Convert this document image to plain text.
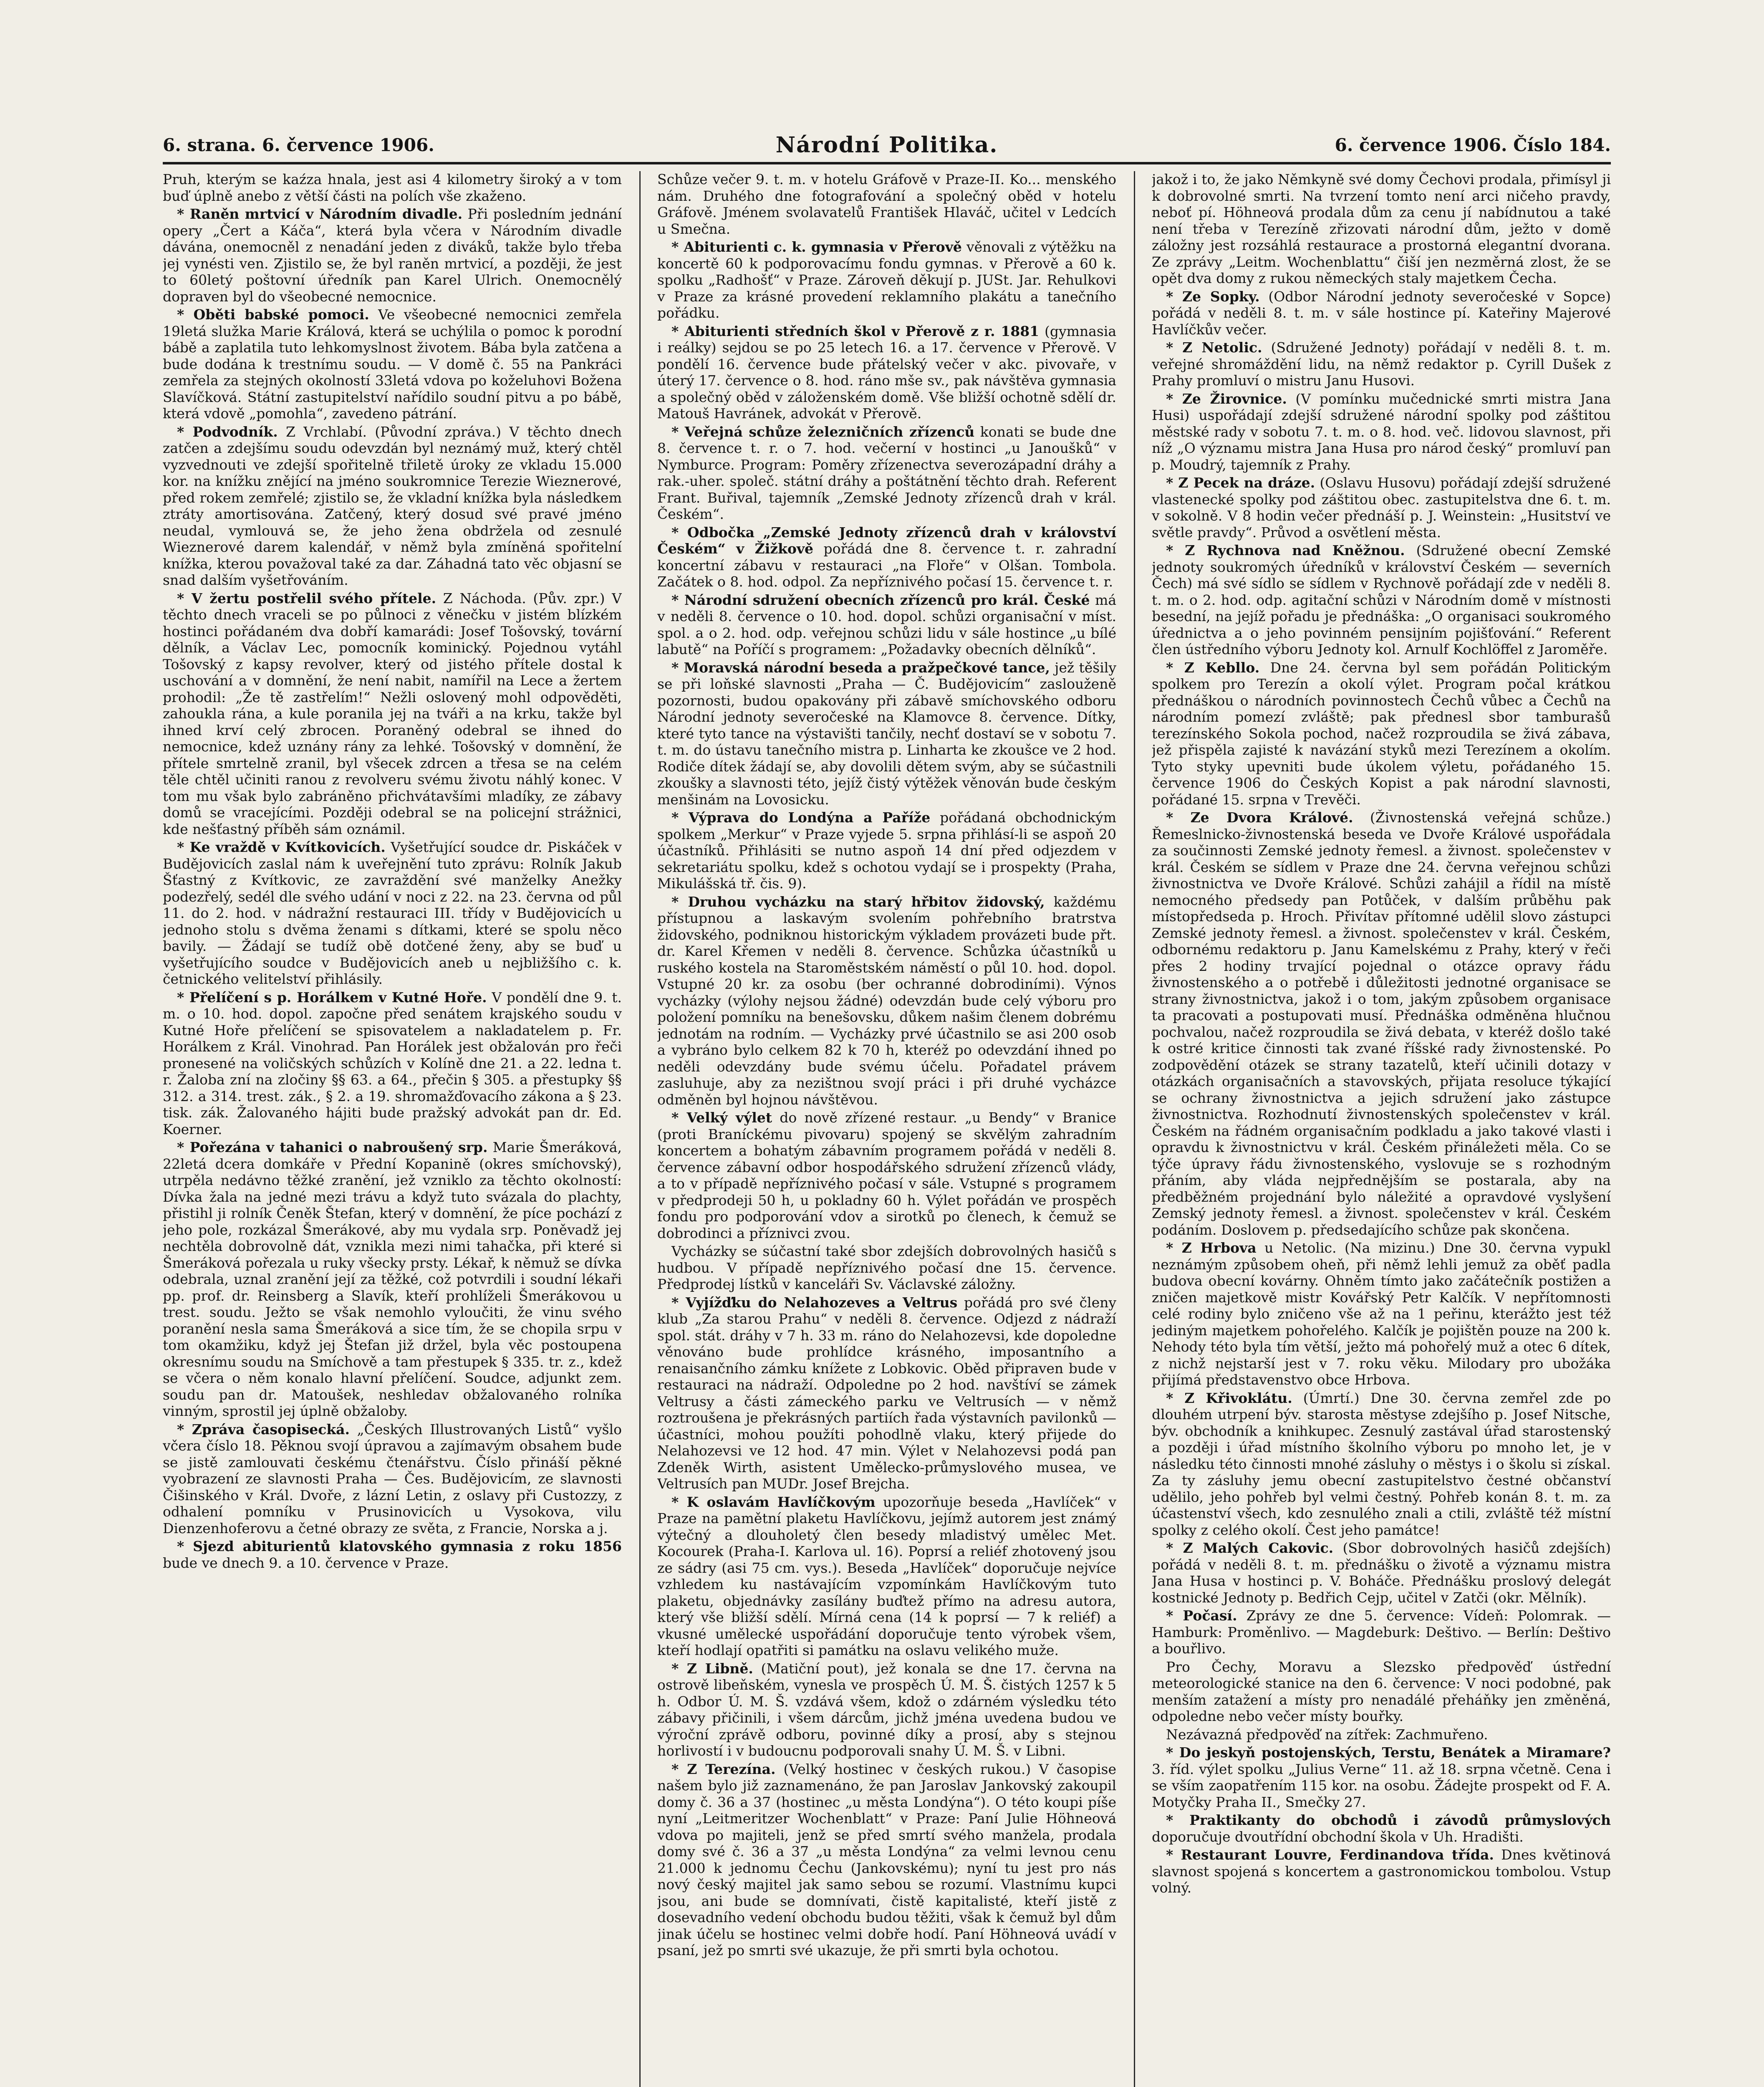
6. strana. 6. července 1906.	Národní Politika.	6. července 1906. Číslo 184.

Pruh, kterým se kaźza hnala, jest asi 4 kilometry široký a v tom buď úplně anebo z větší části na polích vše zkaženo.

* Raněn mrtvicí v Národním divadle. Při posledním jednání opery „Čert a Káča“, která byla včera v Národním divadle dávána, onemocněl z nenadání jeden z diváků, takže bylo třeba jej vynésti ven. Zjistilo se, že byl raněn mrtvicí, a později, že jest to 60letý poštovní úředník pan Karel Ulrich. Onemocnělý dopraven byl do všeobecné nemocnice.

* Oběti babské pomoci. Ve všeobecné nemocnici zemřela 19letá služka Marie Králová, která se uchýlila o pomoc k porodní bábě a zaplatila tuto lehkomyslnost životem. Bába byla zatčena a bude dodána k trestnímu soudu. — V domě č. 55 na Pankráci zemřela za stejných okolností 33letá vdova po koželuhovi Božena Slavíčková. Státní zastupitelství nařídilo soudní pitvu a po bábě, která vdově „pomohla“, zavedeno pátrání.

* Podvodník. Z Vrchlabí. (Původní zpráva.) V těchto dnech zatčen a zdejšímu soudu odevzdán byl neznámý muž, který chtěl vyzvednouti ve zdejší spořitelně třiletě úroky ze vkladu 15.000 kor. na knížku znějící na jméno soukromnice Terezie Wieznerové, před rokem zemřelé; zjistilo se, že vkladní knížka byla následkem ztráty amortisována. Zatčený, který dosud své pravé jméno neudal, vymlouvá se, že jeho žena obdržela od zesnulé Wieznerové darem kalendář, v němž byla zmíněná spořitelní knížka, kterou považoval také za dar. Záhadná tato věc objasní se snad dalším vyšetřováním.

* V žertu postřelil svého přítele. Z Náchoda. (Pův. zpr.) V těchto dnech vraceli se po půlnoci z věnečku v jistém blízkém hostinci pořádaném dva dobří kamarádi: Josef Tošovský, tovární dělník, a Václav Lec, pomocník kominický. Pojednou vytáhl Tošovský z kapsy revolver, který od jistého přítele dostal k uschování a v domnění, že není nabit, namířil na Lece a žertem prohodil: „Že tě zastřelím!“ Nežli oslovený mohl odpověděti, zahoukla rána, a kule poranila jej na tváři a na krku, takže byl ihned krví celý zbrocen. Poraněný odebral se ihned do nemocnice, kdež uznány rány za lehké. Tošovský v domnění, že přítele smrtelně zranil, byl všecek zdrcen a třesa se na celém těle chtěl učiniti ranou z revolveru svému životu náhlý konec. V tom mu však bylo zabráněno přichvátavšími mladíky, ze zábavy domů se vracejícími. Později odebral se na policejní strážnici, kde nešťastný příběh sám oznámil.

* Ke vraždě v Kvítkovicích. Vyšetřující soudce dr. Piskáček v Budějovicích zaslal nám k uveřejnění tuto zprávu: Rolník Jakub Šťastný z Kvítkovic, ze zavraždění své manželky Anežky podezřelý, sedél dle svého udání v noci z 22. na 23. června od půl 11. do 2. hod. v nádražní restauraci III. třídy v Budějovicích u jednoho stolu s dvěma ženami s dítkami, které se spolu něco bavily. — Žádají se tudíž obě dotčené ženy, aby se buď u vyšetřujícího soudce v Budějovicích aneb u nejbližšího c. k. četnického velitelství přihlásily.

* Přelíčení s p. Horálkem v Kutné Hoře. V pondělí dne 9. t. m. o 10. hod. dopol. započne před senátem krajského soudu v Kutné Hoře přelíčení se spisovatelem a nakladatelem p. Fr. Horálkem z Král. Vinohrad. Pan Horálek jest obžalován pro řeči pronesené na voličských schůzích v Kolíně dne 21. a 22. ledna t. r. Žaloba zní na zločiny §§ 63. a 64., přečin § 305. a přestupky §§ 312. a 314. trest. zák., § 2. a 19. shromažďovacího zákona a § 23. tisk. zák. Žalovaného hájiti bude pražský advokát pan dr. Ed. Koerner.

* Pořezána v tahanici o nabroušený srp. Marie Šmeráková, 22letá dcera domkáře v Přední Kopanině (okres smíchovský), utrpěla nedávno těžké zranění, jež vzniklo za těchto okolností: Dívka žala na jedné mezi trávu a když tuto svázala do plachty, přistihl ji rolník Čeněk Štefan, který v domnění, že píce pochází z jeho pole, rozkázal Šmerákové, aby mu vydala srp. Poněvadž jej nechtěla dobrovolně dát, vznikla mezi nimi tahačka, při které si Šmeráková pořezala u ruky všecky prsty. Lékař, k němuž se dívka odebrala, uznal zranění její za těžké, což potvrdili i soudní lékaři pp. prof. dr. Reinsberg a Slavík, kteří prohlíželi Šmerákovou u trest. soudu. Ježto se však nemohlo vyloučiti, že vinu svého poranění nesla sama Šmeráková a sice tím, že se chopila srpu v tom okamžiku, když jej Štefan již držel, byla věc postoupena okresnímu soudu na Smíchově a tam přestupek § 335. tr. z., kdež se včera o něm konalo hlavní přelíčení. Soudce, adjunkt zem. soudu pan dr. Matoušek, neshledav obžalovaného rolníka vinným, sprostil jej úplně obžaloby.

* Zpráva časopisecká. „Českých Illustrovaných Listů“ vyšlo včera číslo 18. Pěknou svojí úpravou a zajímavým obsahem bude se jistě zamlouvati českému čtenářstvu. Číslo přináší pěkné vyobrazení ze slavnosti Praha — Čes. Budějovicím, ze slavnosti Čišinského v Král. Dvoře, z lázní Letin, z oslavy při Custozzy, z odhalení pomníku v Prusinovicích u Vysokova, vilu Dienzenhoferovu a četné obrazy ze světa, z Francie, Norska a j.

* Sjezd abiturientů klatovského gymnasia z roku 1856 bude ve dnech 9. a 10. července v Praze.

Schůze večer 9. t. m. v hotelu Gráfově v Praze-II. Ko... menského nám. Druhého dne fotografování a společný oběd v hotelu Gráfově. Jménem svolavatelů František Hlaváč, učitel v Ledcích u Smečna.

* Abiturienti c. k. gymnasia v Přerově věnovali z výtěžku na koncertě 60 k podporovacímu fondu gymnas. v Přerově a 60 k. spolku „Radhošť“ v Praze. Zároveň děkují p. JUSt. Jar. Rehulkovi v Praze za krásné provedení reklamního plakátu a tanečního pořádku.

* Abiturienti středních škol v Přerově z r. 1881 (gymnasia i reálky) sejdou se po 25 letech 16. a 17. července v Přerově. V pondělí 16. července bude přátelský večer v akc. pivovaře, v úterý 17. července o 8. hod. ráno mše sv., pak návštěva gymnasia a společný oběd v záloženském domě. Vše bližší ochotně sdělí dr. Matouš Havránek, advokát v Přerově.

* Veřejná schůze železničních zřízenců konati se bude dne 8. července t. r. o 7. hod. večerní v hostinci „u Janoušků“ v Nymburce. Program: Poměry zřízenectva severozápadní dráhy a rak.-uher. společ. státní dráhy a poštátnění těchto drah. Referent Frant. Buřival, tajemník „Zemské Jednoty zřízenců drah v král. Českém“.

* Odbočka „Zemské Jednoty zřízenců drah v království Českém“ v Žižkově pořádá dne 8. července t. r. zahradní koncertní zábavu v restauraci „na Floře“ v Olšan. Tombola. Začátek o 8. hod. odpol. Za nepříznivého počasí 15. července t. r.

* Národní sdružení obecních zřízenců pro král. České má v neděli 8. července o 10. hod. dopol. schůzi organisační v míst. spol. a o 2. hod. odp. veřejnou schůzi lidu v sále hostince „u bílé labutě“ na Poříčí s programem: „Požadavky obecních dělníků“.

* Moravská národní beseda a pražpečkové tance, jež těšily se při loňské slavnosti „Praha — Č. Budějovicím“ zaslouženě pozornosti, budou opakovány při zábavě smíchovského odboru Národní jednoty severočeské na Klamovce 8. července. Dítky, které tyto tance na výstavišti tančily, nechť dostaví se v sobotu 7. t. m. do ústavu tanečního mistra p. Linharta ke zkoušce ve 2 hod. Rodiče dítek žádají se, aby dovolili dětem svým, aby se súčastnili zkoušky a slavnosti této, jejíž čistý výtěžek věnován bude českým menšinám na Lovosicku.

* Výprava do Londýna a Paříže pořádaná obchodnickým spolkem „Merkur“ v Praze vyjede 5. srpna přihlásí-li se aspoň 20 účastníků. Přihlásiti se nutno aspoň 14 dní před odjezdem v sekretariátu spolku, kdež s ochotou vydají se i prospekty (Praha, Mikulášská tř. čis. 9).

* Druhou vycházku na starý hřbitov židovský, každému přístupnou a laskavým svolením pohřebního bratrstva židovského, podniknou historickým výkladem provázeti bude přt. dr. Karel Křemen v neděli 8. července. Schůzka účastníků u ruského kostela na Staroměstském náměstí o půl 10. hod. dopol. Vstupné 20 kr. za osobu (ber ochranné dobrodiními). Výnos vycházky (výlohy nejsou žádné) odevzdán bude celý výboru pro položení pomníku na benešovsku, důkem našim členem dobrému jednotám na rodním. — Vycházky prvé účastnilo se asi 200 osob a vybráno bylo celkem 82 k 70 h, kteréž po odevzdání ihned po neděli odevzdány bude svému účelu. Pořadatel právem zasluhuje, aby za nezištnou svojí práci i při druhé vycházce odměněn byl hojnou návštěvou.

* Velký výlet do nově zřízené restaur. „u Bendy“ v Branice (proti Braníckému pivovaru) spojený se skvělým zahradním koncertem a bohatým zábavním programem pořádá v neděli 8. července zábavní odbor hospodářského sdružení zřízenců vlády, a to v případě nepříznivého počasí v sále. Vstupné s programem v předprodeji 50 h, u pokladny 60 h. Výlet pořádán ve prospěch fondu pro podporování vdov a sirotků po členech, k čemuž se dobrodinci a příznivci zvou.

Vycházky se súčastní také sbor zdejších dobrovolných hasičů s hudbou. V případě nepříznivého počasí dne 15. července. Předprodej lístků v kanceláři Sv. Václavské záložny.

* Vyjížďku do Nelahozeves a Veltrus pořádá pro své členy klub „Za starou Prahu“ v neděli 8. července. Odjezd z nádraží spol. stát. dráhy v 7 h. 33 m. ráno do Nelahozevsi, kde dopoledne věnováno bude prohlídce krásného, imposantního a renaisančního zámku knížete z Lobkovic. Oběd připraven bude v restauraci na nádraží. Odpoledne po 2 hod. navštíví se zámek Veltrusy a části zámeckého parku ve Veltrusích — v němž roztroušena je překrásných partiích řada výstavních pavilonků — účastníci, mohou použíti pohodlně vlaku, který přijede do Nelahozevsi ve 12 hod. 47 min. Výlet v Nelahozevsi podá pan Zdeněk Wirth, asistent Umělecko-průmyslového musea, ve Veltrusích pan MUDr. Josef Brejcha.

* K oslavám Havlíčkovým upozorňuje beseda „Havlíček“ v Praze na pamětní plaketu Havlíčkovu, jejímž autorem jest známý výtečný a dlouholetý člen besedy mladistvý umělec Met. Kocourek (Praha-I. Karlova ul. 16). Poprsí a reliéf zhotovený jsou ze sádry (asi 75 cm. vys.). Beseda „Havlíček“ doporučuje nejvíce vzhledem ku nastávajícím vzpomínkám Havlíčkovým tuto plaketu, objednávky zasílány buďtež přímo na adresu autora, který vše bližší sdělí. Mírná cena (14 k poprsí — 7 k reliéf) a vkusné umělecké uspořádání doporučuje tento výrobek všem, kteří hodlají opatřiti si památku na oslavu velikého muže.

* Z Libně. (Matiční pout), jež konala se dne 17. června na ostrově libeňském, vynesla ve prospěch Ú. M. Š. čistých 1257 k 5 h. Odbor Ú. M. Š. vzdává všem, kdož o zdárném výsledku této zábavy přičinili, i všem dárcům, jichž jména uvedena budou ve výroční zprávě odboru, povinné díky a prosí, aby s stejnou horlivostí i v budoucnu podporovali snahy Ú. M. Š. v Libni.

* Z Terezína. (Velký hostinec v českých rukou.) V časopise našem bylo již zaznamenáno, že pan Jaroslav Jankovský zakoupil domy č. 36 a 37 (hostinec „u města Londýna“). O této koupi píše nyní „Leitmeritzer Wochenblatt“ v Praze: Paní Julie Höhneová vdova po majiteli, jenž se před smrtí svého manžela, prodala domy své č. 36 a 37 „u města Londýna“ za velmi levnou cenu 21.000 k jednomu Čechu (Jankovskému); nyní tu jest pro nás nový český majitel jak samo sebou se rozumí. Vlastnímu kupci jsou, ani bude se domnívati, čistě kapitalisté, kteří jistě z dosevadního vedení obchodu budou těžiti, však k čemuž byl dům jinak účelu se hostinec velmi dobře hodí. Paní Höhneová uvádí v psaní, jež po smrti své ukazuje, že při smrti byla ochotou.

jakož i to, že jako Němkyně své domy Čechovi prodala, přimísyl ji k dobrovolné smrti. Na tvrzení tomto není arci ničeho pravdy, neboť pí. Höhneová prodala dům za cenu jí nabídnutou a také není třeba v Terezíně zřizovati národní dům, ježto v domě záložny jest rozsáhlá restaurace a prostorná elegantní dvorana. Ze zprávy „Leitm. Wochenblattu“ čiší jen nezměrná zlost, že se opět dva domy z rukou německých staly majetkem Čecha.

* Ze Sopky. (Odbor Národní jednoty severočeské v Sopce) pořádá v neděli 8. t. m. v sále hostince pí. Kateřiny Majerové Havlíčkův večer.

* Z Netolic. (Sdružené Jednoty) pořádají v neděli 8. t. m. veřejné shromáždění lidu, na němž redaktor p. Cyrill Dušek z Prahy promluví o mistru Janu Husovi.

* Ze Žirovnice. (V pomínku mučednické smrti mistra Jana Husi) uspořádají zdejší sdružené národní spolky pod záštitou městské rady v sobotu 7. t. m. o 8. hod. več. lidovou slavnost, při níž „O významu mistra Jana Husa pro národ český“ promluví pan p. Moudrý, tajemník z Prahy.

* Z Pecek na dráze. (Oslavu Husovu) pořádají zdejší sdružené vlastenecké spolky pod záštitou obec. zastupitelstva dne 6. t. m. v sokolně. V 8 hodin večer přednáší p. J. Weinstein: „Husitství ve světle pravdy“. Průvod a osvětlení města.

* Z Rychnova nad Kněžnou. (Sdružené obecní Zemské jednoty soukromých úředníků v království Českém — severních Čech) má své sídlo se sídlem v Rychnově pořádají zde v neděli 8. t. m. o 2. hod. odp. agitační schůzi v Národním domě v místnosti besední, na jejíž pořadu je přednáška: „O organisaci soukromého úřednictva a o jeho povinném pensijním pojišťování.“ Referent člen ústředního výboru Jednoty kol. Arnulf Kochlöffel z Jaroměře.

* Z Kebllo. Dne 24. června byl sem pořádán Politickým spolkem pro Terezín a okolí výlet. Program počal krátkou přednáškou o národních povinnostech Čechů vůbec a Čechů na národním pomezí zvláště; pak přednesl sbor tamburašů terezínského Sokola pochod, načež rozproudila se živá zábava, jež přispěla zajisté k navázání styků mezi Terezínem a okolím. Tyto styky upevniti bude úkolem výletu, pořádaného 15. července 1906 do Českých Kopist a pak národní slavnosti, pořádané 15. srpna v Trevěči.

* Ze Dvora Králové. (Živnostenská veřejná schůze.) Řemeslnicko-živnostenská beseda ve Dvoře Králové uspořádala za součinnosti Zemské jednoty řemesl. a živnost. společenstev v král. Českém se sídlem v Praze dne 24. června veřejnou schůzi živnostnictva ve Dvoře Králové. Schůzi zahájil a řídil na místě nemocného předsedy pan Potůček, v dalším průběhu pak místopředseda p. Hroch. Přivítav přítomné udělil slovo zástupci Zemské jednoty řemesl. a živnost. společenstev v král. Českém, odbornému redaktoru p. Janu Kamelskému z Prahy, který v řeči přes 2 hodiny trvající pojednal o otázce opravy řádu živnostenského a o potřebě i důležitosti jednotné organisace se strany živnostnictva, jakož i o tom, jakým způsobem organisace ta pracovati a postupovati musí. Přednáška odměněna hlučnou pochvalou, načež rozproudila se živá debata, v kteréž došlo také k ostré kritice činnosti tak zvané říšské rady živnostenské. Po zodpovědění otázek se strany tazatelů, kteří učinili dotazy v otázkách organisačních a stavovských, přijata resoluce týkající se ochrany živnostnictva a jejich sdružení jako zástupce živnostnictva. Rozhodnutí živnostenských společenstev v král. Českém na řádném organisačním podkladu a jako takové vlasti i opravdu k živnostnictvu v král. Českém přináležeti měla. Co se týče úpravy řádu živnostenského, vyslovuje se s rozhodným přáním, aby vláda nejpřednějším se postarala, aby na předběžném projednání bylo náležité a opravdové vyslyšení Zemský jednoty řemesl. a živnost. společenstev v král. Českém podáním. Doslovem p. předsedajícího schůze pak skončena.

* Z Hrbova u Netolic. (Na mizinu.) Dne 30. června vypukl neznámým způsobem oheň, při němž lehli jemuž za oběť padla budova obecní kovárny. Ohněm tímto jako začátečník postižen a zničen majetkově mistr Kovářský Petr Kalčík. V nepřítomnosti celé rodiny bylo zničeno vše až na 1 peřinu, kterážto jest též jediným majetkem pohořelého. Kalčík je pojištěn pouze na 200 k. Nehody této byla tím větší, ježto má pohořelý muž a otec 6 dítek, z nichž nejstarší jest v 7. roku věku. Milodary pro ubožáka přijímá představenstvo obce Hrbova.

* Z Křivoklátu. (Úmrtí.) Dne 30. června zemřel zde po dlouhém utrpení býv. starosta městyse zdejšího p. Josef Nitsche, býv. obchodník a knihkupec. Zesnulý zastával úřad starostenský a později i úřad místního školního výboru po mnoho let, je v následku této činnosti mnohé zásluhy o městys i o školu si získal. Za ty zásluhy jemu obecní zastupitelstvo čestné občanství udělilo, jeho pohřeb byl velmi čestný. Pohřeb konán 8. t. m. za účastenství všech, kdo zesnulého znali a ctili, zvláště též místní spolky z celého okolí. Čest jeho památce!

* Z Malých Cakovic. (Sbor dobrovolných hasičů zdejších) pořádá v neděli 8. t. m. přednášku o životě a významu mistra Jana Husa v hostinci p. V. Boháče. Přednášku proslový delegát kostnické Jednoty p. Bedřich Cejp, učitel v Zatči (okr. Mělník).

* Počasí. Zprávy ze dne 5. července: Vídeň: Polomrak. — Hamburk: Proměnlivo. — Magdeburk: Deštivo. — Berlín: Deštivo a bouřlivo.

Pro Čechy, Moravu a Slezsko předpověď ústřední meteorologické stanice na den 6. července: V noci podobné, pak menším zatažení a místy pro nenadálé přeháňky jen změněná, odpoledne nebo večer místy bouřky.

Nezávazná předpověď na zítřek: Zachmuřeno.

* Do jeskyň postojenských, Terstu, Benátek a Miramare? 3. říd. výlet spolku „Julius Verne“ 11. až 18. srpna včetně. Cena i se vším zaopatřením 115 kor. na osobu. Žádejte prospekt od F. A. Motyčky Praha II., Smečky 27.

* Praktikanty do obchodů i závodů průmyslových doporučuje dvoutřídní obchodní škola v Uh. Hradišti.

* Restaurant Louvre, Ferdinandova třída. Dnes květinová slavnost spojená s koncertem a gastronomickou tombolou. Vstup volný.
